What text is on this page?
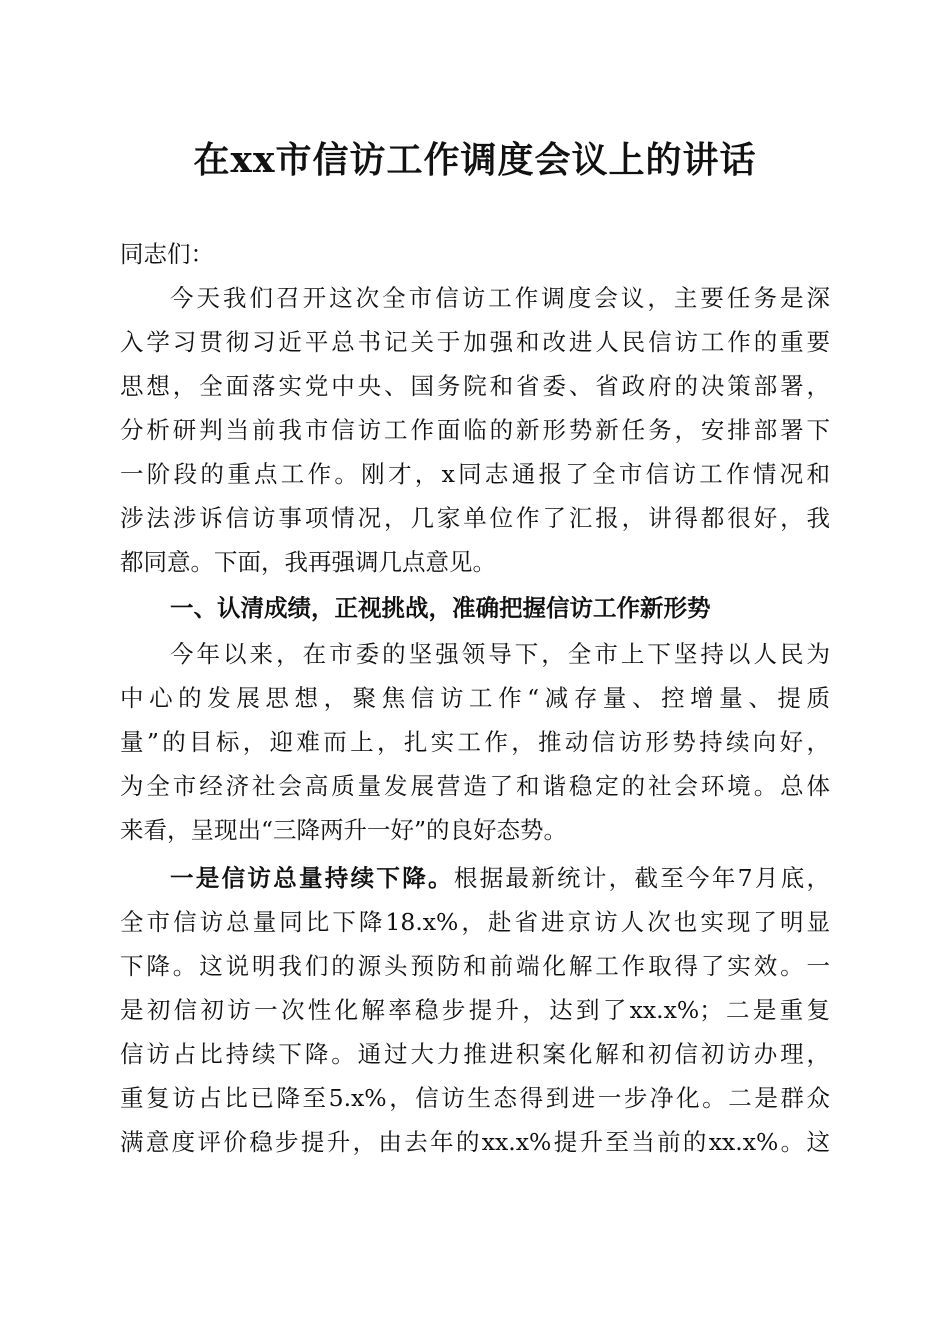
在xx市信访工作调度会议上的讲话

同志们：

今天我们召开这次全市信访工作调度会议，主要任务是深

入学习贯彻习近平总书记关于加强和改进人民信访工作的重要

思想，全面落实党中央、国务院和省委、省政府的决策部署，

分析研判当前我市信访工作面临的新形势新任务，安排部署下

一阶段的重点工作。刚才，x同志通报了全市信访工作情况和

涉法涉诉信访事项情况，几家单位作了汇报，讲得都很好，我

都同意。下面，我再强调几点意见。

一、认清成绩，正视挑战，准确把握信访工作新形势

今年以来，在市委的坚强领导下，全市上下坚持以人民为

中心的发展思想，聚焦信访工作“减存量、控增量、提质

量”的目标，迎难而上，扎实工作，推动信访形势持续向好，

为全市经济社会高质量发展营造了和谐稳定的社会环境。总体

来看，呈现出“三降两升一好”的良好态势。

一是信访总量持续下降。根据最新统计，截至今年7月底，

全市信访总量同比下降18.x%，赴省进京访人次也实现了明显

下降。这说明我们的源头预防和前端化解工作取得了实效。一

是初信初访一次性化解率稳步提升，达到了xx.x%；二是重复

信访占比持续下降。通过大力推进积案化解和初信初访办理，

重复访占比已降至5.x%，信访生态得到进一步净化。二是群众

满意度评价稳步提升，由去年的xx.x%提升至当前的xx.x%。这
